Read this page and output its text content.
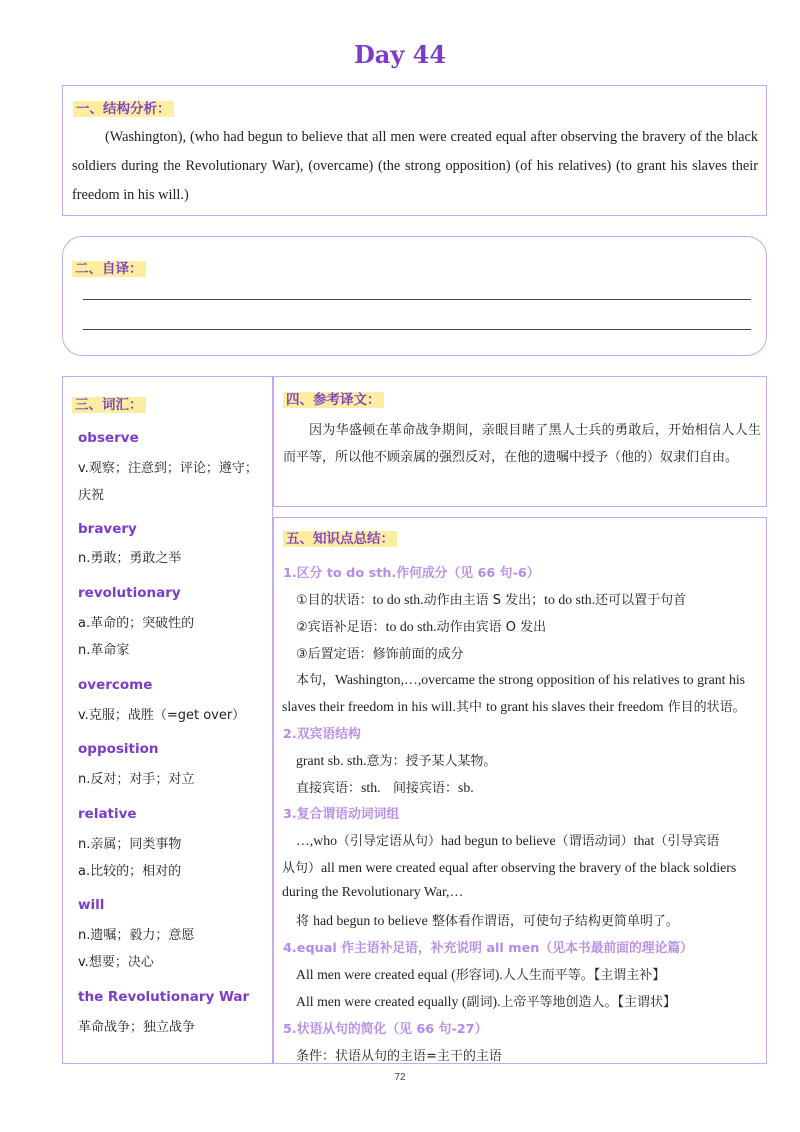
Day 44
一、结构分析：

(Washington), (who had begun to believe that all men were created equal after observing the bravery of the black soldiers during the Revolutionary War), (overcame) (the strong opposition) (of his relatives) (to grant his slaves their freedom in his will.)

二、自译：
三、词汇：
observe
v.观察；注意到；评论；遵守；
庆祝
bravery
n.勇敢；勇敢之举
revolutionary
a.革命的；突破性的
n.革命家
overcome
v.克服；战胜（=get over）
opposition
n.反对；对手；对立
relative
n.亲属；同类事物
a.比较的；相对的
will
n.遗嘱；毅力；意愿
v.想要；决心
the Revolutionary War
革命战争；独立战争
四、参考译文：

因为华盛顿在革命战争期间，亲眼目睹了黑人士兵的勇敢后，开始相信人人生而平等，所以他不顾亲属的强烈反对，在他的遗嘱中授予（他的）奴隶们自由。

五、知识点总结：
1.区分 to do sth.作何成分（见 66 句-6）
①目的状语：to do sth.动作由主语 S 发出；to do sth.还可以置于句首
②宾语补足语：to do sth.动作由宾语 O 发出
③后置定语：修饰前面的成分
本句，Washington,…,overcame the strong opposition of his relatives to grant his
slaves their freedom in his will.其中 to grant his slaves their freedom 作目的状语。
2.双宾语结构
grant sb. sth.意为：授予某人某物。
直接宾语：sth.   间接宾语：sb.
3.复合谓语动词词组
…,who（引导定语从句）had begun to believe（谓语动词）that（引导宾语
从句）all men were created equal after observing the bravery of the black soldiers
during the Revolutionary War,…
将 had begun to believe 整体看作谓语，可使句子结构更简单明了。
4.equal 作主语补足语，补充说明 all men（见本书最前面的理论篇）
All men were created equal (形容词).人人生而平等。【主谓主补】
All men were created equally (副词).上帝平等地创造人。【主谓状】
5.状语从句的简化（见 66 句-27）
条件：状语从句的主语=主干的主语
72
